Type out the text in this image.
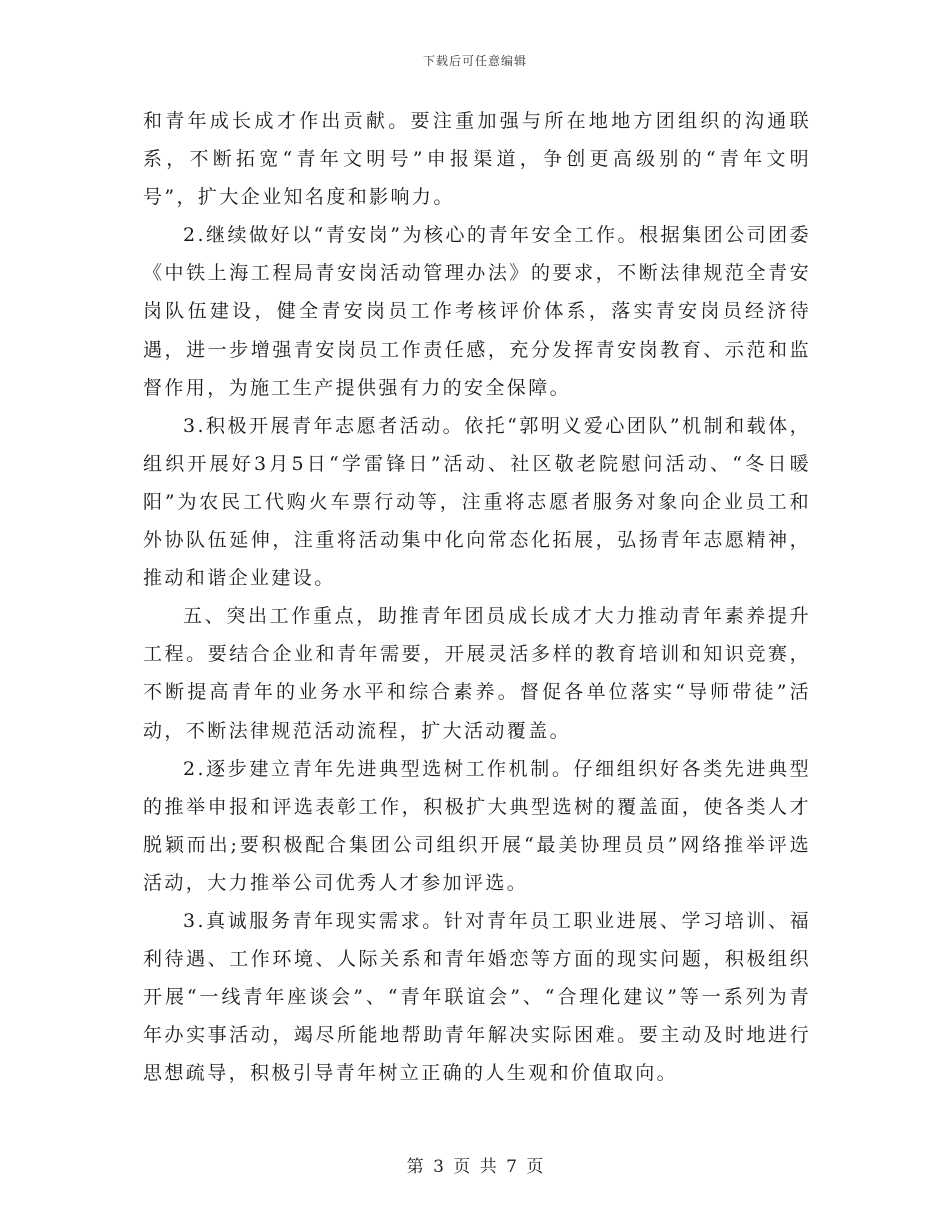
下载后可任意编辑

和青年成长成才作出贡献。要注重加强与所在地地方团组织的沟通联系，不断拓宽“青年文明号”申报渠道，争创更高级别的“青年文明号”，扩大企业知名度和影响力。

2.继续做好以“青安岗”为核心的青年安全工作。根据集团公司团委《中铁上海工程局青安岗活动管理办法》的要求，不断法律规范全青安岗队伍建设，健全青安岗员工作考核评价体系，落实青安岗员经济待遇，进一步增强青安岗员工作责任感，充分发挥青安岗教育、示范和监督作用，为施工生产提供强有力的安全保障。

3.积极开展青年志愿者活动。依托“郭明义爱心团队”机制和载体，组织开展好3月5日“学雷锋日”活动、社区敬老院慰问活动、“冬日暖阳”为农民工代购火车票行动等，注重将志愿者服务对象向企业员工和外协队伍延伸，注重将活动集中化向常态化拓展，弘扬青年志愿精神，推动和谐企业建设。

五、突出工作重点，助推青年团员成长成才大力推动青年素养提升工程。要结合企业和青年需要，开展灵活多样的教育培训和知识竞赛，不断提高青年的业务水平和综合素养。督促各单位落实“导师带徒”活动，不断法律规范活动流程，扩大活动覆盖。

2.逐步建立青年先进典型选树工作机制。仔细组织好各类先进典型的推举申报和评选表彰工作，积极扩大典型选树的覆盖面，使各类人才脱颖而出;要积极配合集团公司组织开展“最美协理员员”网络推举评选活动，大力推举公司优秀人才参加评选。

3.真诚服务青年现实需求。针对青年员工职业进展、学习培训、福利待遇、工作环境、人际关系和青年婚恋等方面的现实问题，积极组织开展“一线青年座谈会”、“青年联谊会”、“合理化建议”等一系列为青年办实事活动，竭尽所能地帮助青年解决实际困难。要主动及时地进行思想疏导，积极引导青年树立正确的人生观和价值取向。

第 3 页 共 7 页
